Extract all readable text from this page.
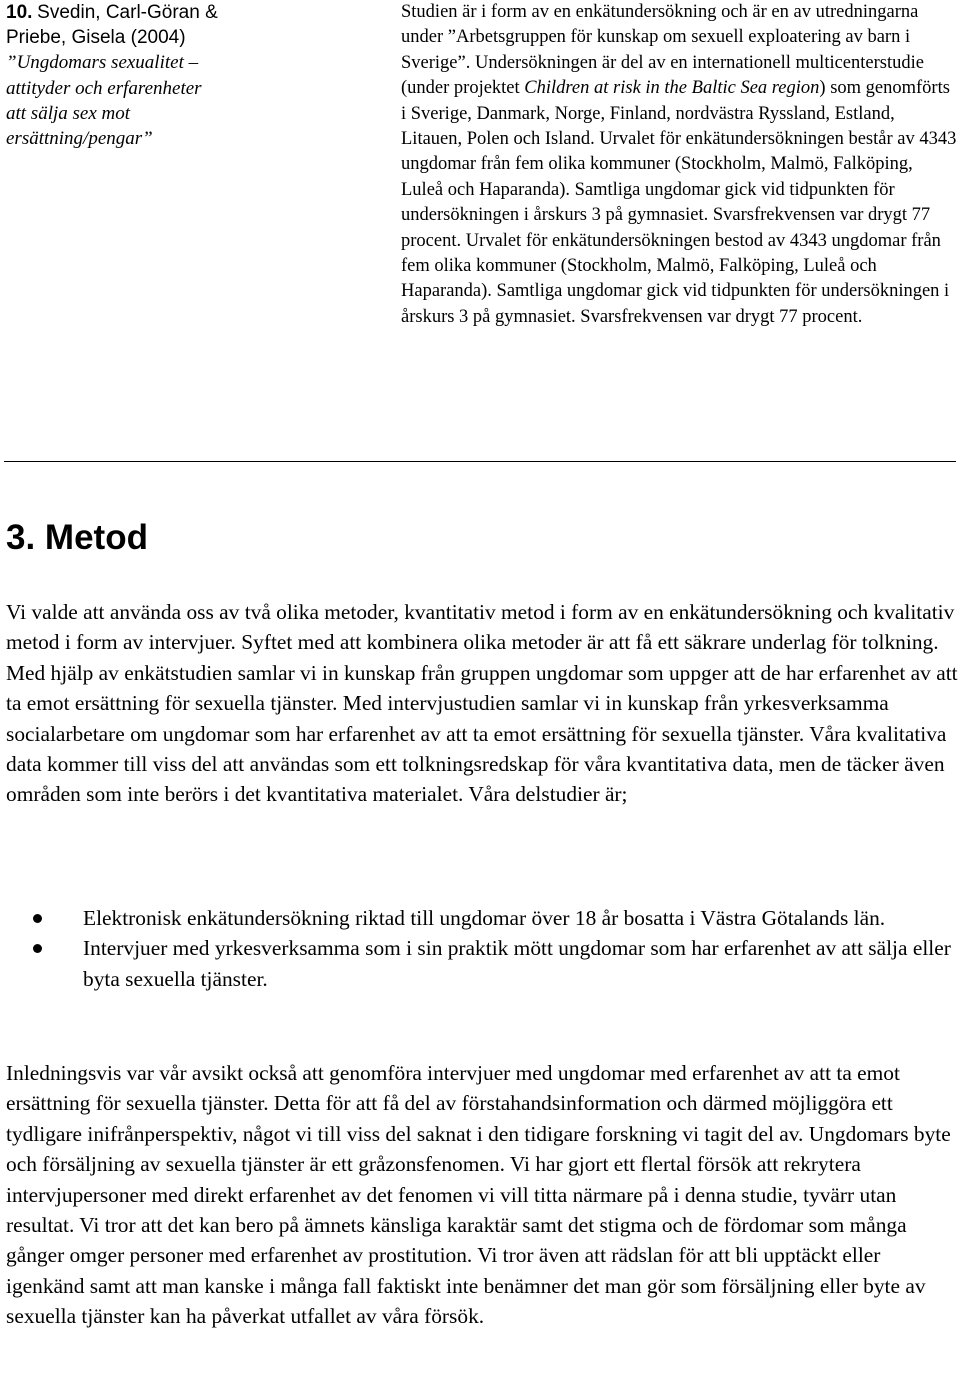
10. Svedin, Carl-Göran &
Priebe, Gisela (2004)
”Ungdomars sexualitet –
attityder och erfarenheter
att sälja sex mot
ersättning/pengar”
Studien är i form av en enkätundersökning och är en av utredningarna under ”Arbetsgruppen för kunskap om sexuell exploatering av barn i Sverige”. Undersökningen är del av en internationell multicenterstudie (under projektet Children at risk in the Baltic Sea region) som genomförts i Sverige, Danmark, Norge, Finland, nordvästra Ryssland, Estland, Litauen, Polen och Island. Urvalet för enkätundersökningen består av 4343 ungdomar från fem olika kommuner (Stockholm, Malmö, Falköping, Luleå och Haparanda). Samtliga ungdomar gick vid tidpunkten för undersökningen i årskurs 3 på gymnasiet. Svarsfrekvensen var drygt 77 procent. Urvalet för enkätundersökningen bestod av 4343 ungdomar från fem olika kommuner (Stockholm, Malmö, Falköping, Luleå och Haparanda). Samtliga ungdomar gick vid tidpunkten för undersökningen i årskurs 3 på gymnasiet. Svarsfrekvensen var drygt 77 procent.
3. Metod

Vi valde att använda oss av två olika metoder, kvantitativ metod i form av en enkätundersökning och kvalitativ metod i form av intervjuer. Syftet med att kombinera olika metoder är att få ett säkrare underlag för tolkning. Med hjälp av enkätstudien samlar vi in kunskap från gruppen ungdomar som uppger att de har erfarenhet av att ta emot ersättning för sexuella tjänster. Med intervjustudien samlar vi in kunskap från yrkesverksamma socialarbetare om ungdomar som har erfarenhet av att ta emot ersättning för sexuella tjänster. Våra kvalitativa data kommer till viss del att användas som ett tolkningsredskap för våra kvantitativa data, men de täcker även områden som inte berörs i det kvantitativa materialet. Våra delstudier är;

Elektronisk enkätundersökning riktad till ungdomar över 18 år bosatta i Västra Götalands län.
Intervjuer med yrkesverksamma som i sin praktik mött ungdomar som har erfarenhet av att sälja eller byta sexuella tjänster.

Inledningsvis var vår avsikt också att genomföra intervjuer med ungdomar med erfarenhet av att ta emot ersättning för sexuella tjänster. Detta för att få del av förstahandsinformation och därmed möjliggöra ett tydligare inifrånperspektiv, något vi till viss del saknat i den tidigare forskning vi tagit del av. Ungdomars byte och försäljning av sexuella tjänster är ett gråzonsfenomen. Vi har gjort ett flertal försök att rekrytera intervjupersoner med direkt erfarenhet av det fenomen vi vill titta närmare på i denna studie, tyvärr utan resultat. Vi tror att det kan bero på ämnets känsliga karaktär samt det stigma och de fördomar som många gånger omger personer med erfarenhet av prostitution. Vi tror även att rädslan för att bli upptäckt eller igenkänd samt att man kanske i många fall faktiskt inte benämner det man gör som försäljning eller byte av sexuella tjänster kan ha påverkat utfallet av våra försök.
